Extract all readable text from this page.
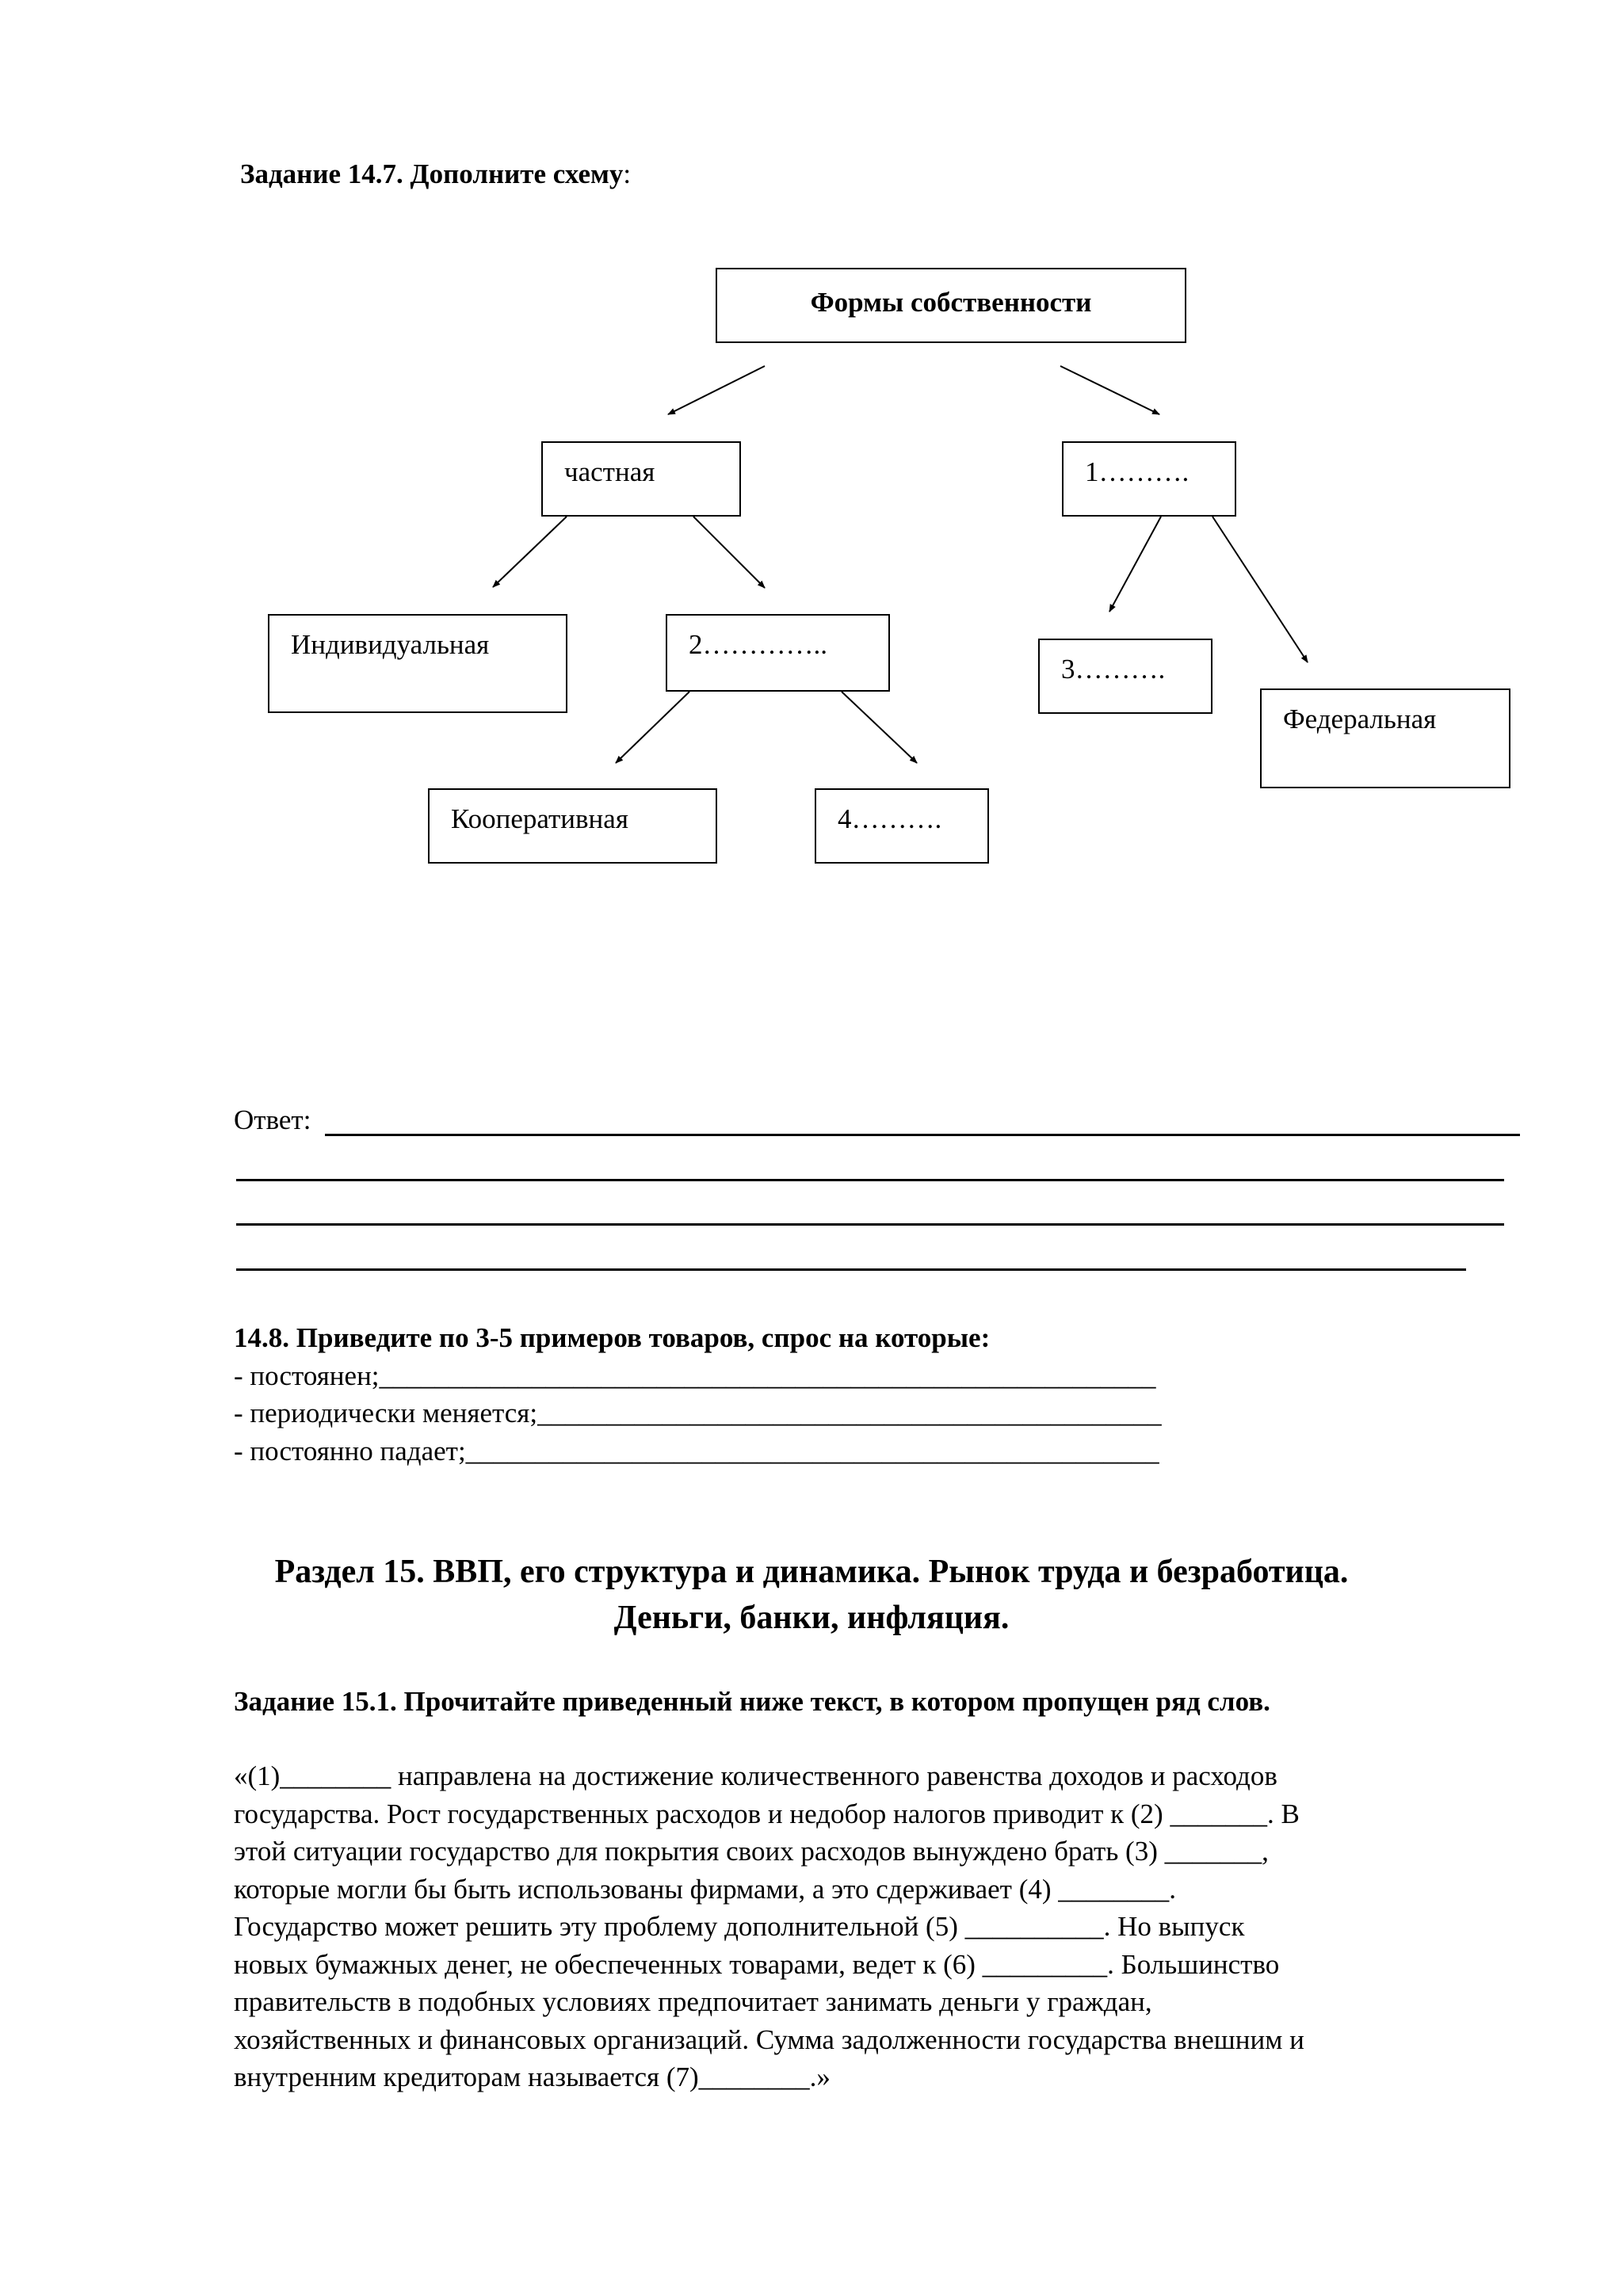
Задание 14.7. Дополните схему:
Формы собственности
частная	1……….
Индивидуальная	2…………..
3……….
Федеральная
Кооперативная	4……….
Ответ:
14.8. Приведите по 3-5 примеров товаров, спрос на которые:
- постоянен;________________________________________________________
- периодически меняется;_____________________________________________
- постоянно падает;__________________________________________________
Раздел 15. ВВП, его структура и динамика. Рынок труда и безработица.
Деньги, банки, инфляция.
Задание 15.1. Прочитайте приведенный ниже текст, в котором пропущен ряд слов.
«(1)________ направлена на достижение количественного равенства доходов и расходов
государства. Рост государственных расходов и недобор налогов приводит к (2) _______. В
этой ситуации государство для покрытия своих расходов вынуждено брать (3) _______,
которые могли бы быть использованы фирмами, а это сдерживает (4) ________.
Государство может решить эту проблему дополнительной (5) __________. Но выпуск
новых бумажных денег, не обеспеченных товарами, ведет к (6) _________. Большинство
правительств в подобных условиях предпочитает занимать деньги у граждан,
хозяйственных и финансовых организаций. Сумма задолженности государства внешним и
внутренним кредиторам называется (7)________.»
